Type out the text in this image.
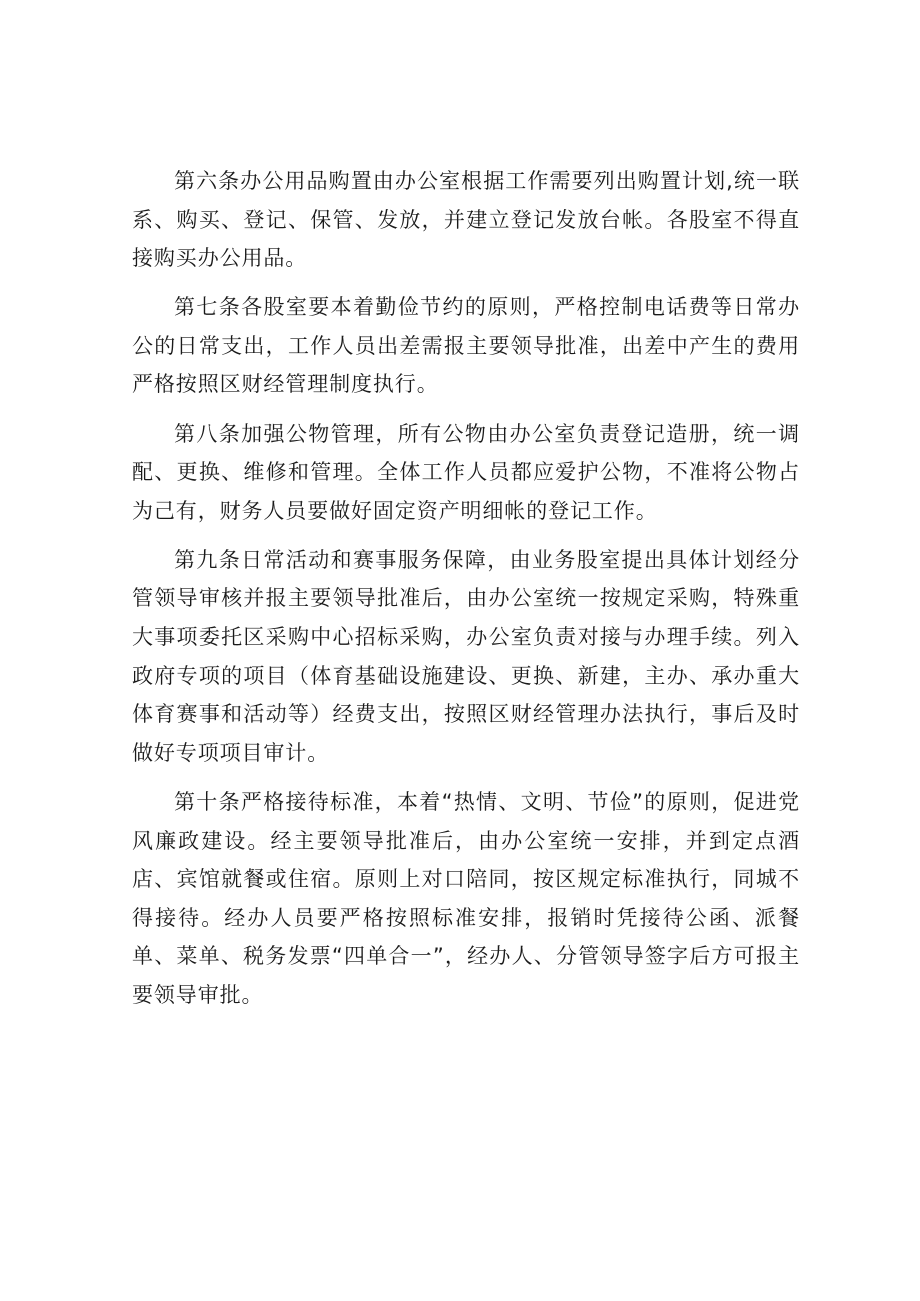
第六条办公用品购置由办公室根据工作需要列出购置计划,统一联系、购买、登记、保管、发放，并建立登记发放台帐。各股室不得直接购买办公用品。

第七条各股室要本着勤俭节约的原则，严格控制电话费等日常办公的日常支出，工作人员出差需报主要领导批准，出差中产生的费用严格按照区财经管理制度执行。

第八条加强公物管理，所有公物由办公室负责登记造册，统一调配、更换、维修和管理。全体工作人员都应爱护公物，不准将公物占为己有，财务人员要做好固定资产明细帐的登记工作。

第九条日常活动和赛事服务保障，由业务股室提出具体计划经分管领导审核并报主要领导批准后，由办公室统一按规定采购，特殊重大事项委托区采购中心招标采购，办公室负责对接与办理手续。列入政府专项的项目（体育基础设施建设、更换、新建，主办、承办重大体育赛事和活动等）经费支出，按照区财经管理办法执行，事后及时做好专项项目审计。

第十条严格接待标准，本着“热情、文明、节俭”的原则，促进党风廉政建设。经主要领导批准后，由办公室统一安排，并到定点酒店、宾馆就餐或住宿。原则上对口陪同，按区规定标准执行，同城不得接待。经办人员要严格按照标准安排，报销时凭接待公函、派餐单、菜单、税务发票“四单合一”，经办人、分管领导签字后方可报主要领导审批。
